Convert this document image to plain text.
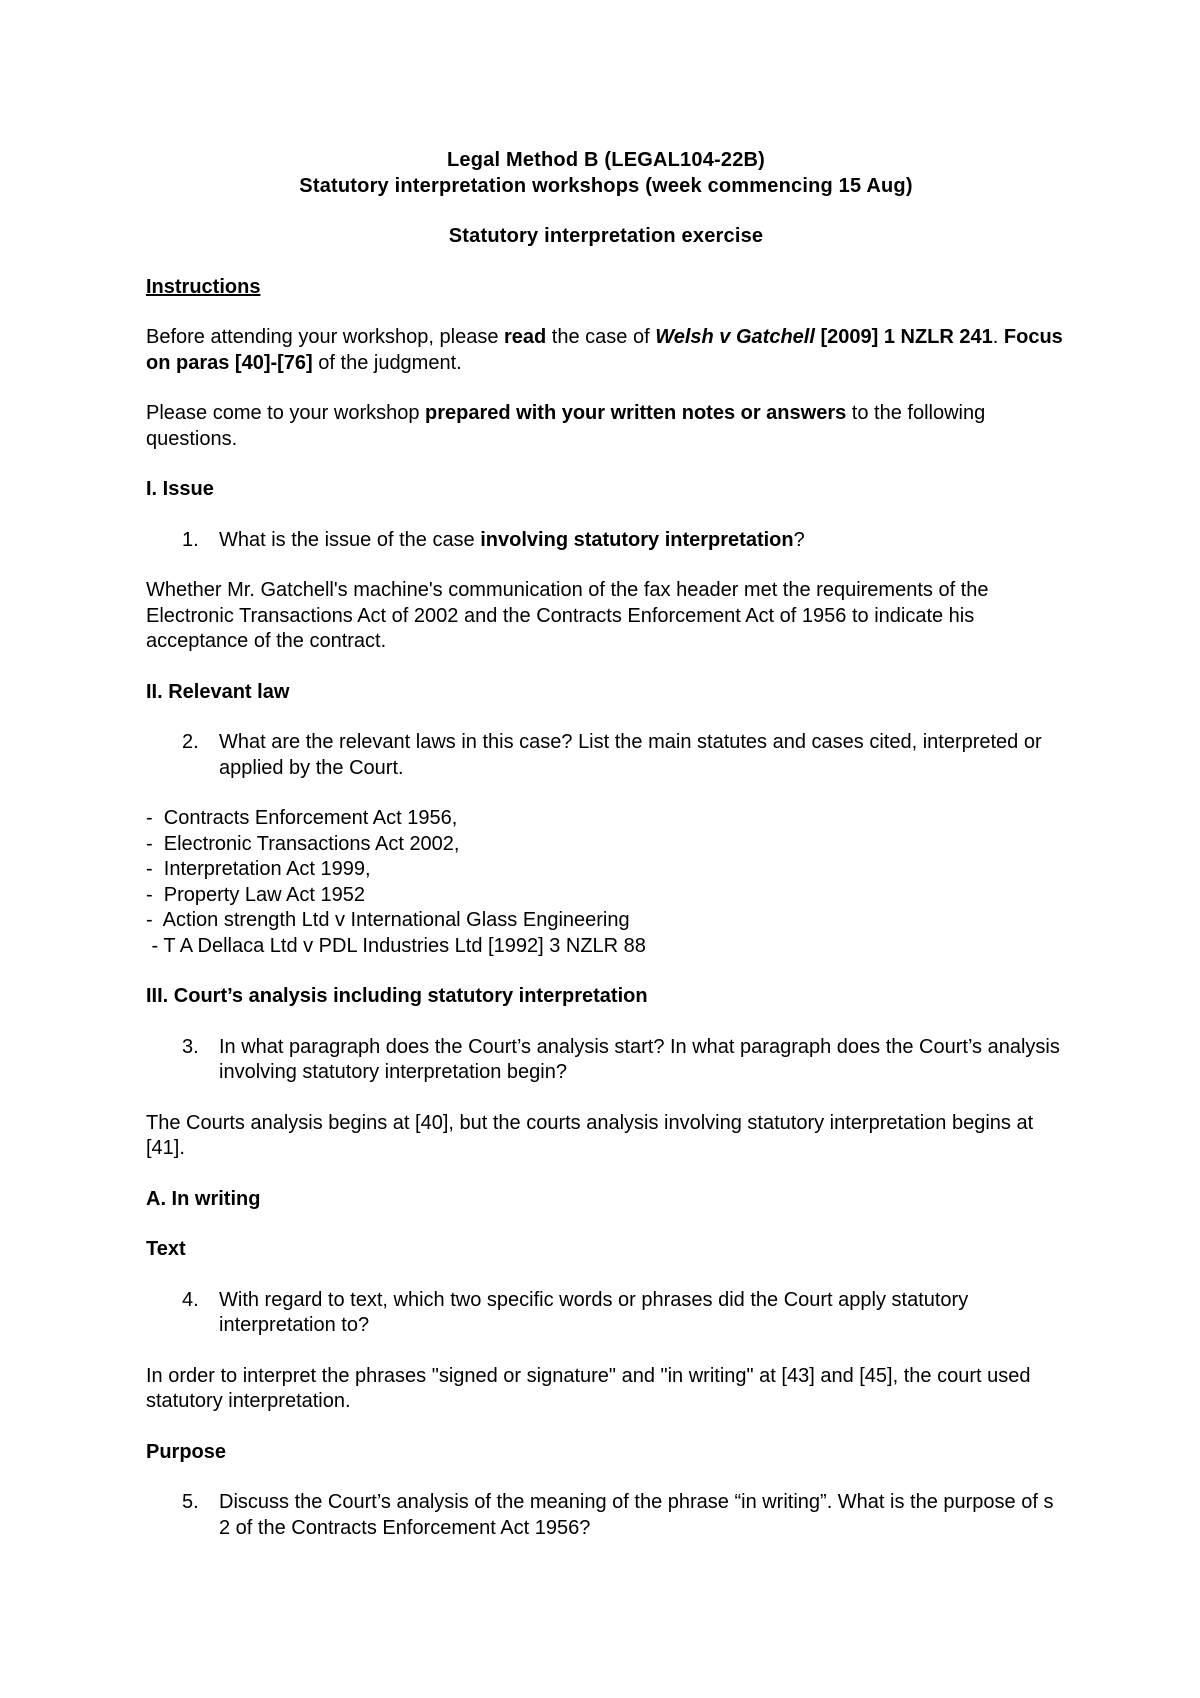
Legal Method B (LEGAL104-22B)

Statutory interpretation workshops (week commencing 15 Aug)

Statutory interpretation exercise

Instructions

Before attending your workshop, please read the case of Welsh v Gatchell [2009] 1 NZLR 241. Focus on paras [40]-[76] of the judgment.

Please come to your workshop prepared with your written notes or answers to the following questions.

I. Issue

1. What is the issue of the case involving statutory interpretation?

Whether Mr. Gatchell's machine's communication of the fax header met the requirements of the Electronic Transactions Act of 2002 and the Contracts Enforcement Act of 1956 to indicate his acceptance of the contract.

II. Relevant law

2. What are the relevant laws in this case? List the main statutes and cases cited, interpreted or applied by the Court.
-  Contracts Enforcement Act 1956,
-  Electronic Transactions Act 2002,
-  Interpretation Act 1999,
-  Property Law Act 1952
-  Action strength Ltd v International Glass Engineering
- T A Dellaca Ltd v PDL Industries Ltd [1992] 3 NZLR 88

III. Court’s analysis including statutory interpretation

3. In what paragraph does the Court’s analysis start? In what paragraph does the Court’s analysis involving statutory interpretation begin?

The Courts analysis begins at [40], but the courts analysis involving statutory interpretation begins at [41].

A. In writing

Text

4. With regard to text, which two specific words or phrases did the Court apply statutory interpretation to?

In order to interpret the phrases "signed or signature" and "in writing" at [43] and [45], the court used statutory interpretation.

Purpose

5. Discuss the Court’s analysis of the meaning of the phrase “in writing”. What is the purpose of s 2 of the Contracts Enforcement Act 1956?
